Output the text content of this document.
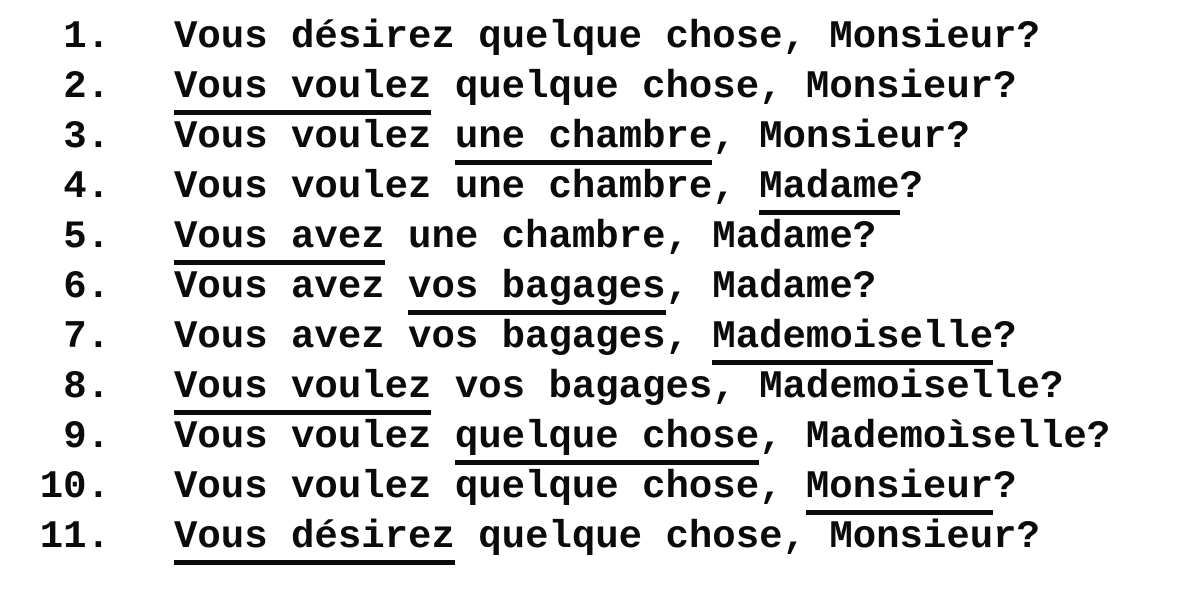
1. Vous désirez quelque chose, Monsieur?
2. Vous voulez quelque chose, Monsieur?
3. Vous voulez une chambre, Monsieur?
4. Vous voulez une chambre, Madame?
5. Vous avez une chambre, Madame?
6. Vous avez vos bagages, Madame?
7. Vous avez vos bagages, Mademoiselle?
8. Vous voulez vos bagages, Mademoiselle?
9. Vous voulez quelque chose, Mademoìselle?
10. Vous voulez quelque chose, Monsieur?
11. Vous désirez quelque chose, Monsieur?
